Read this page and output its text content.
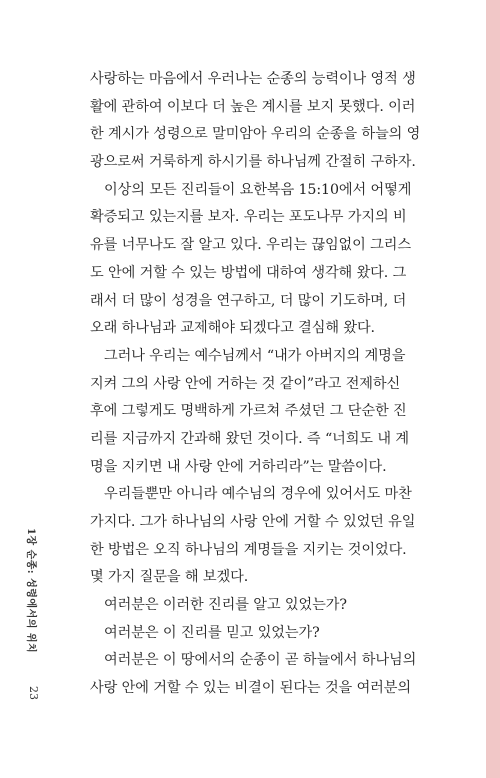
1장 순종: 성령에서의 위치
23
사랑하는 마음에서 우러나는 순종의 능력이나 영적 생
활에 관하여 이보다 더 높은 계시를 보지 못했다. 이러
한 계시가 성령으로 말미암아 우리의 순종을 하늘의 영
광으로써 거룩하게 하시기를 하나님께 간절히 구하자.
이상의 모든 진리들이 요한복음 15:10에서 어떻게
확증되고 있는지를 보자. 우리는 포도나무 가지의 비
유를 너무나도 잘 알고 있다. 우리는 끊임없이 그리스
도 안에 거할 수 있는 방법에 대하여 생각해 왔다. 그
래서 더 많이 성경을 연구하고, 더 많이 기도하며, 더
오래 하나님과 교제해야 되겠다고 결심해 왔다.
그러나 우리는 예수님께서 “내가 아버지의 계명을
지켜 그의 사랑 안에 거하는 것 같이”라고 전제하신
후에 그렇게도 명백하게 가르쳐 주셨던 그 단순한 진
리를 지금까지 간과해 왔던 것이다. 즉 “너희도 내 계
명을 지키면 내 사랑 안에 거하리라”는 말씀이다.
우리들뿐만 아니라 예수님의 경우에 있어서도 마찬
가지다. 그가 하나님의 사랑 안에 거할 수 있었던 유일
한 방법은 오직 하나님의 계명들을 지키는 것이었다.
몇 가지 질문을 해 보겠다.
여러분은 이러한 진리를 알고 있었는가?
여러분은 이 진리를 믿고 있었는가?
여러분은 이 땅에서의 순종이 곧 하늘에서 하나님의
사랑 안에 거할 수 있는 비결이 된다는 것을 여러분의
